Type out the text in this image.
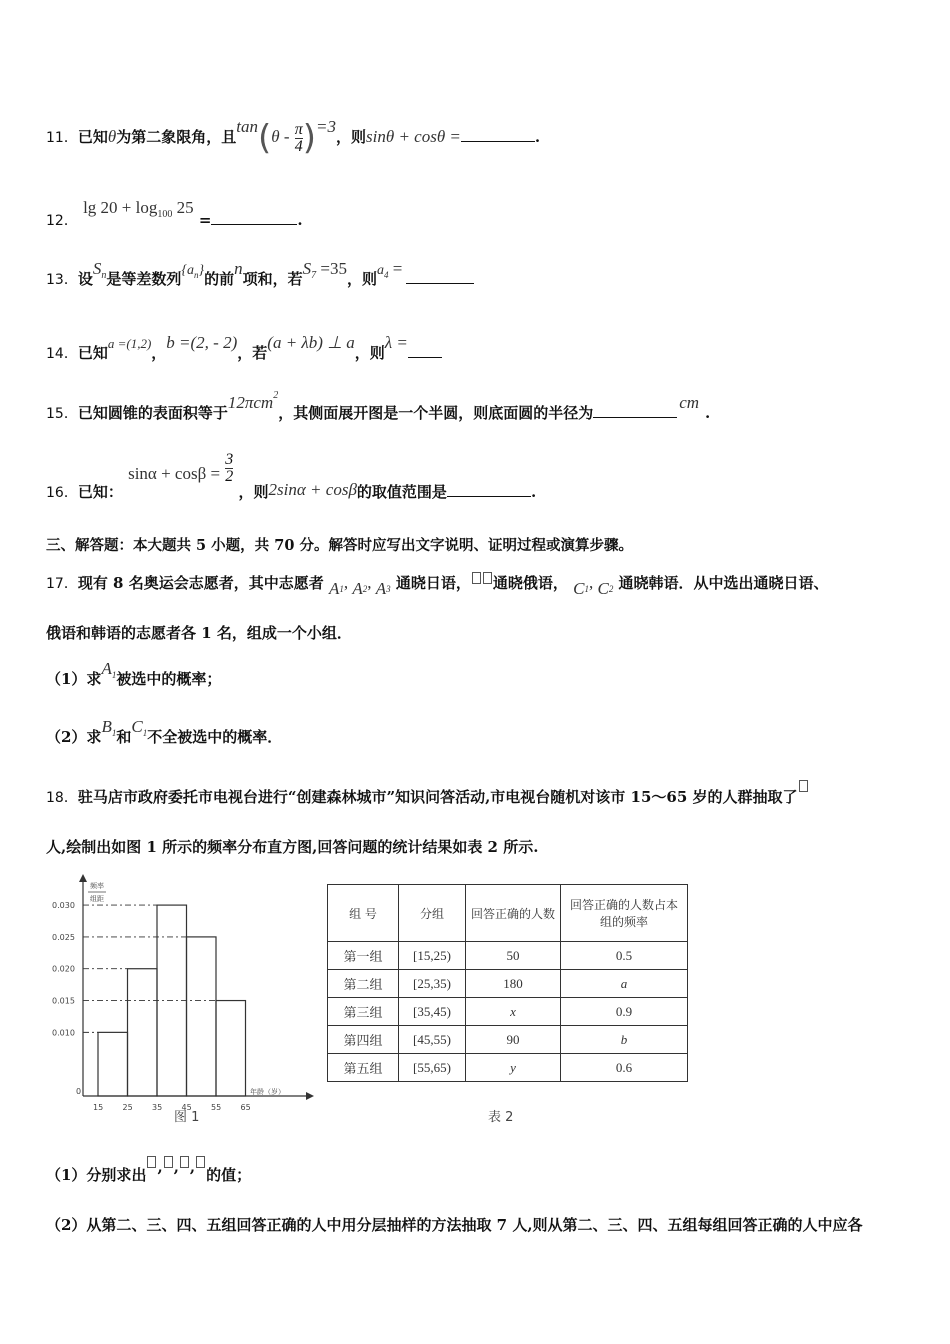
11．已知θ为第二象限角，且$\tan(\theta - \frac{\pi}{4})=3$，则sinθ + cosθ =	.
12． $\lg 20 + \log_{100} 25$ =	.
13．设$S_n$是等差数列$\{a_n\}$的前n项和，若$S_7 =35$，则$a_4$ =
14．已知a =(1,2)，b =(2, - 2)，若(a + λb) ⊥ a，则λ =
15．已知圆锥的表面积等于12πcm$^2$，其侧面展开图是一个半圆，则底面圆的半径为cm.
16．已知： $\sin\alpha + \cos\beta = \frac{3}{2}$ ，则2sinα + cosβ的取值范围是	.
三、解答题：本大题共 5 小题，共 70 分。解答时应写出文字说明、证明过程或演算步骤。
17．现有 8 名奥运会志愿者，其中志愿者 $A_1$, $A_2$, $A_3$ 通晓日语， 通晓俄语， $C_1$, $C_2$ 通晓韩语．从中选出通晓日语、
俄语和韩语的志愿者各 1 名，组成一个小组．
（1）求$A_1$被选中的概率；
（2）求$B_1$和$C_1$不全被选中的概率．
18．驻马店市政府委托市电视台进行“创建森林城市”知识问答活动,市电视台随机对该市 15～65 岁的人群抽取了
人,绘制出如图 1 所示的频率分布直方图,回答问题的统计结果如表 2 所示.
频率
组距
0	年龄（岁）
0.010
0.015
0.020
0.025
0.030
15 25 35 45 55 65
图 1
组 号	分组	回答正确的人数	回答正确的人数占本组的频率
第一组	[15,25)	50	0.5
第二组	[25,35)	180	a
第三组	[35,45)	x	0.9
第四组	[45,55)	90	b
第五组	[55,65)	y	0.6
表 2
（1）分别求出 , , , 的值；
（2）从第二、三、四、五组回答正确的人中用分层抽样的方法抽取 7 人,则从第二、三、四、五组每组回答正确的人中应各
